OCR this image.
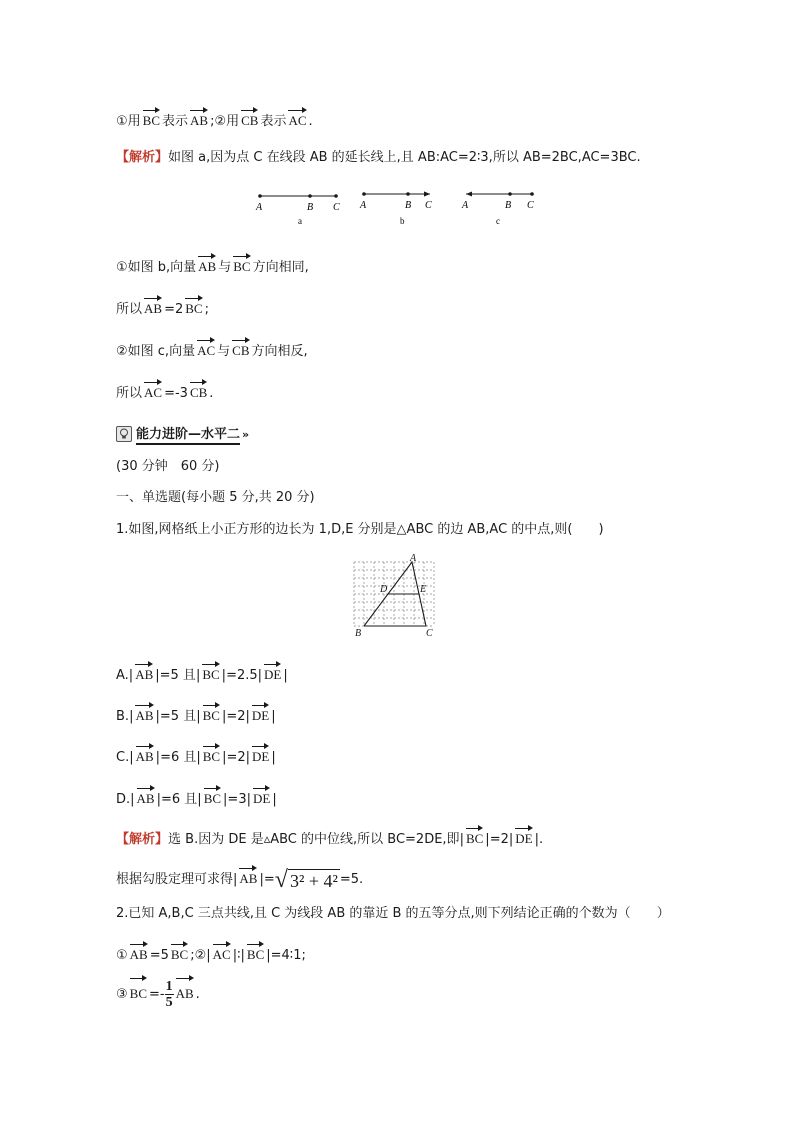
①用 BC 表示 AB ;②用 CB 表示 AC .
【解析】如图 a,因为点 C 在线段 AB 的延长线上,且 AB:AC=2∶3,所以 AB=2BC,AC=3BC.
A	B C
a
A	B C
b
A	B C
c
①如图 b,向量 AB 与 BC 方向相同,
所以 AB =2 BC ;
②如图 c,向量 AC 与 CB 方向相反,
所以 AC =-3 CB .
能力进阶—水平二 »
(30 分钟　60 分)
一、单选题(每小题 5 分,共 20 分)
1.如图,网格纸上小正方形的边长为 1,D,E 分别是△ABC 的边 AB,AC 的中点,则(　　)
A
D	E
B	C
A.| AB |=5 且| BC |=2.5| DE |
B.| AB |=5 且| BC |=2| DE |
C.| AB |=6 且| BC |=2| DE |
D.| AB |=6 且| BC |=3| DE |
【解析】选 B.因为 DE 是▵ABC 的中位线,所以 BC=2DE,即| BC |=2| DE |.
根据勾股定理可求得| AB |= √ 3² + 4² =5.
2.已知 A,B,C 三点共线,且 C 为线段 AB 的靠近 B 的五等分点,则下列结论正确的个数为（　　）
① AB =5 BC ;②| AC |∶| BC |=4∶1;
③ BC =- $\frac{1}{5}$ AB .
